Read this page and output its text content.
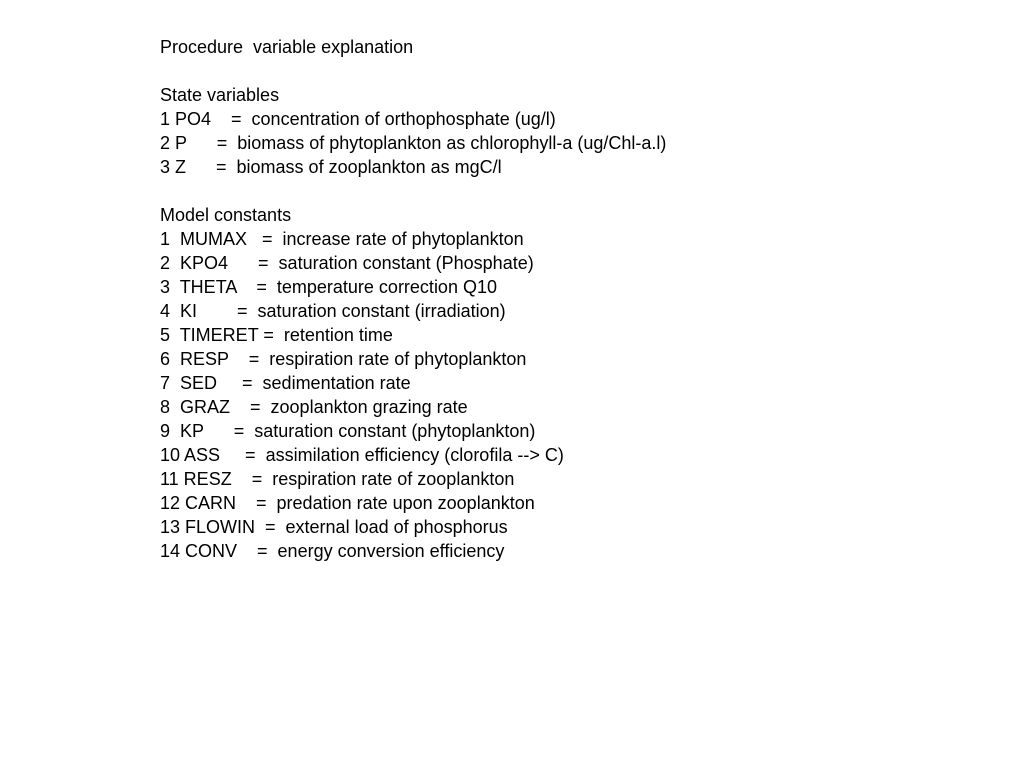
Procedure  variable explanation
State variables
1 PO4    =  concentration of orthophosphate (ug/l)
2 P      =  biomass of phytoplankton as chlorophyll-a (ug/Chl-a.l)
3 Z      =  biomass of zooplankton as mgC/l
Model constants
1  MUMAX   =  increase rate of phytoplankton
2  KPO4      =  saturation constant (Phosphate)
3  THETA    =  temperature correction Q10
4  KI        =  saturation constant (irradiation)
5  TIMERET =  retention time
6  RESP    =  respiration rate of phytoplankton
7  SED     =  sedimentation rate
8  GRAZ    =  zooplankton grazing rate
9  KP      =  saturation constant (phytoplankton)
10 ASS     =  assimilation efficiency (clorofila --> C)
11 RESZ    =  respiration rate of zooplankton
12 CARN    =  predation rate upon zooplankton
13 FLOWIN  =  external load of phosphorus
14 CONV    =  energy conversion efficiency
